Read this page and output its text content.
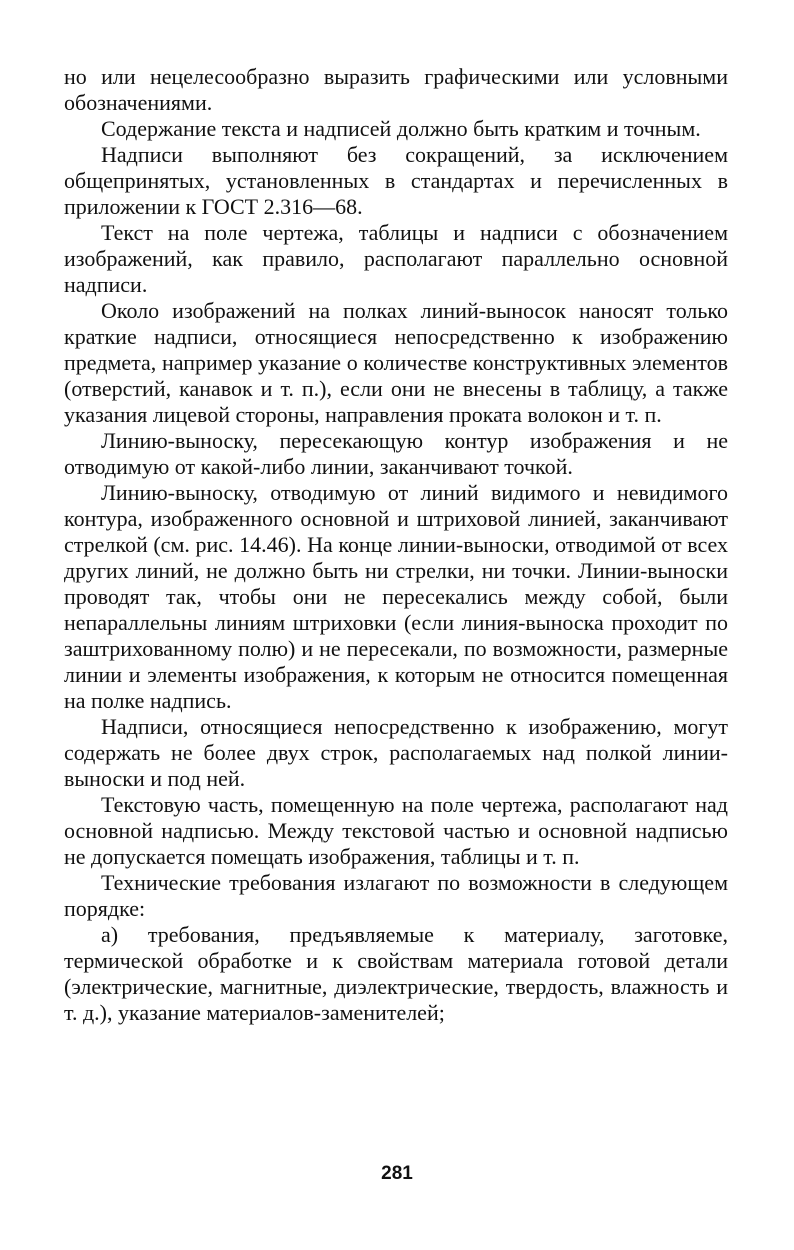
но или нецелесообразно выразить графическими или условными обозначениями.

Содержание текста и надписей должно быть кратким и точным.

Надписи выполняют без сокращений, за исключением общепринятых, установленных в стандартах и перечисленных в приложении к ГОСТ 2.316—68.

Текст на поле чертежа, таблицы и надписи с обозначением изображений, как правило, располагают параллельно основной надписи.

Около изображений на полках линий-выносок наносят только краткие надписи, относящиеся непосредственно к изображению предмета, например указание о количестве конструктивных элементов (отверстий, канавок и т. п.), если они не внесены в таблицу, а также указания лицевой стороны, направления проката волокон и т. п.

Линию-выноску, пересекающую контур изображения и не отводимую от какой-либо линии, заканчивают точкой.

Линию-выноску, отводимую от линий видимого и невидимого контура, изображенного основной и штриховой линией, заканчивают стрелкой (см. рис. 14.46). На конце линии-выноски, отводимой от всех других линий, не должно быть ни стрелки, ни точки. Линии-выноски проводят так, чтобы они не пересекались между собой, были непараллельны линиям штриховки (если линия-выноска проходит по заштрихованному полю) и не пересекали, по возможности, размерные линии и элементы изображения, к которым не относится помещенная на полке надпись.

Надписи, относящиеся непосредственно к изображению, могут содержать не более двух строк, располагаемых над полкой линии-выноски и под ней.

Текстовую часть, помещенную на поле чертежа, располагают над основной надписью. Между текстовой частью и основной надписью не допускается помещать изображения, таблицы и т. п.

Технические требования излагают по возможности в следующем порядке:

а) требования, предъявляемые к материалу, заготовке, термической обработке и к свойствам материала готовой детали (электрические, магнитные, диэлектрические, твердость, влажность и т. д.), указание материалов-заменителей;

281
